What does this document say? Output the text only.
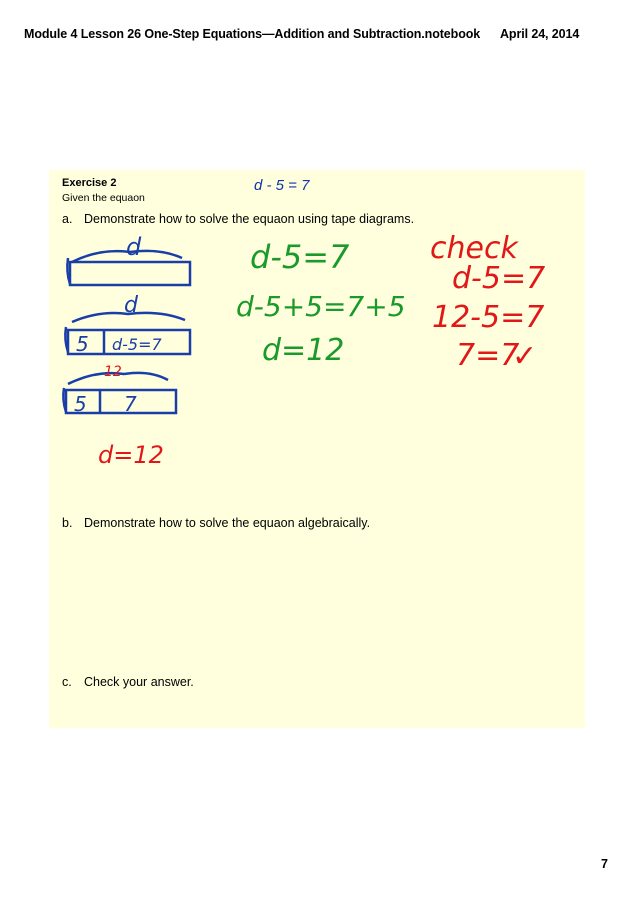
Module 4 Lesson 26 One-Step Equations—Addition and Subtraction.notebook April 24, 2014
Exercise 2
Given the equaon
d - 5 = 7
a. Demonstrate how to solve the equaon using tape diagrams.
b. Demonstrate how to solve the equaon algebraically.
c. Check your answer.
d
d
5 d-5=7
12
5 7
d=12
d-5=7
d-5+5=7+5
d=12
check
d-5=7
12-5=7
7=7
✓
7
